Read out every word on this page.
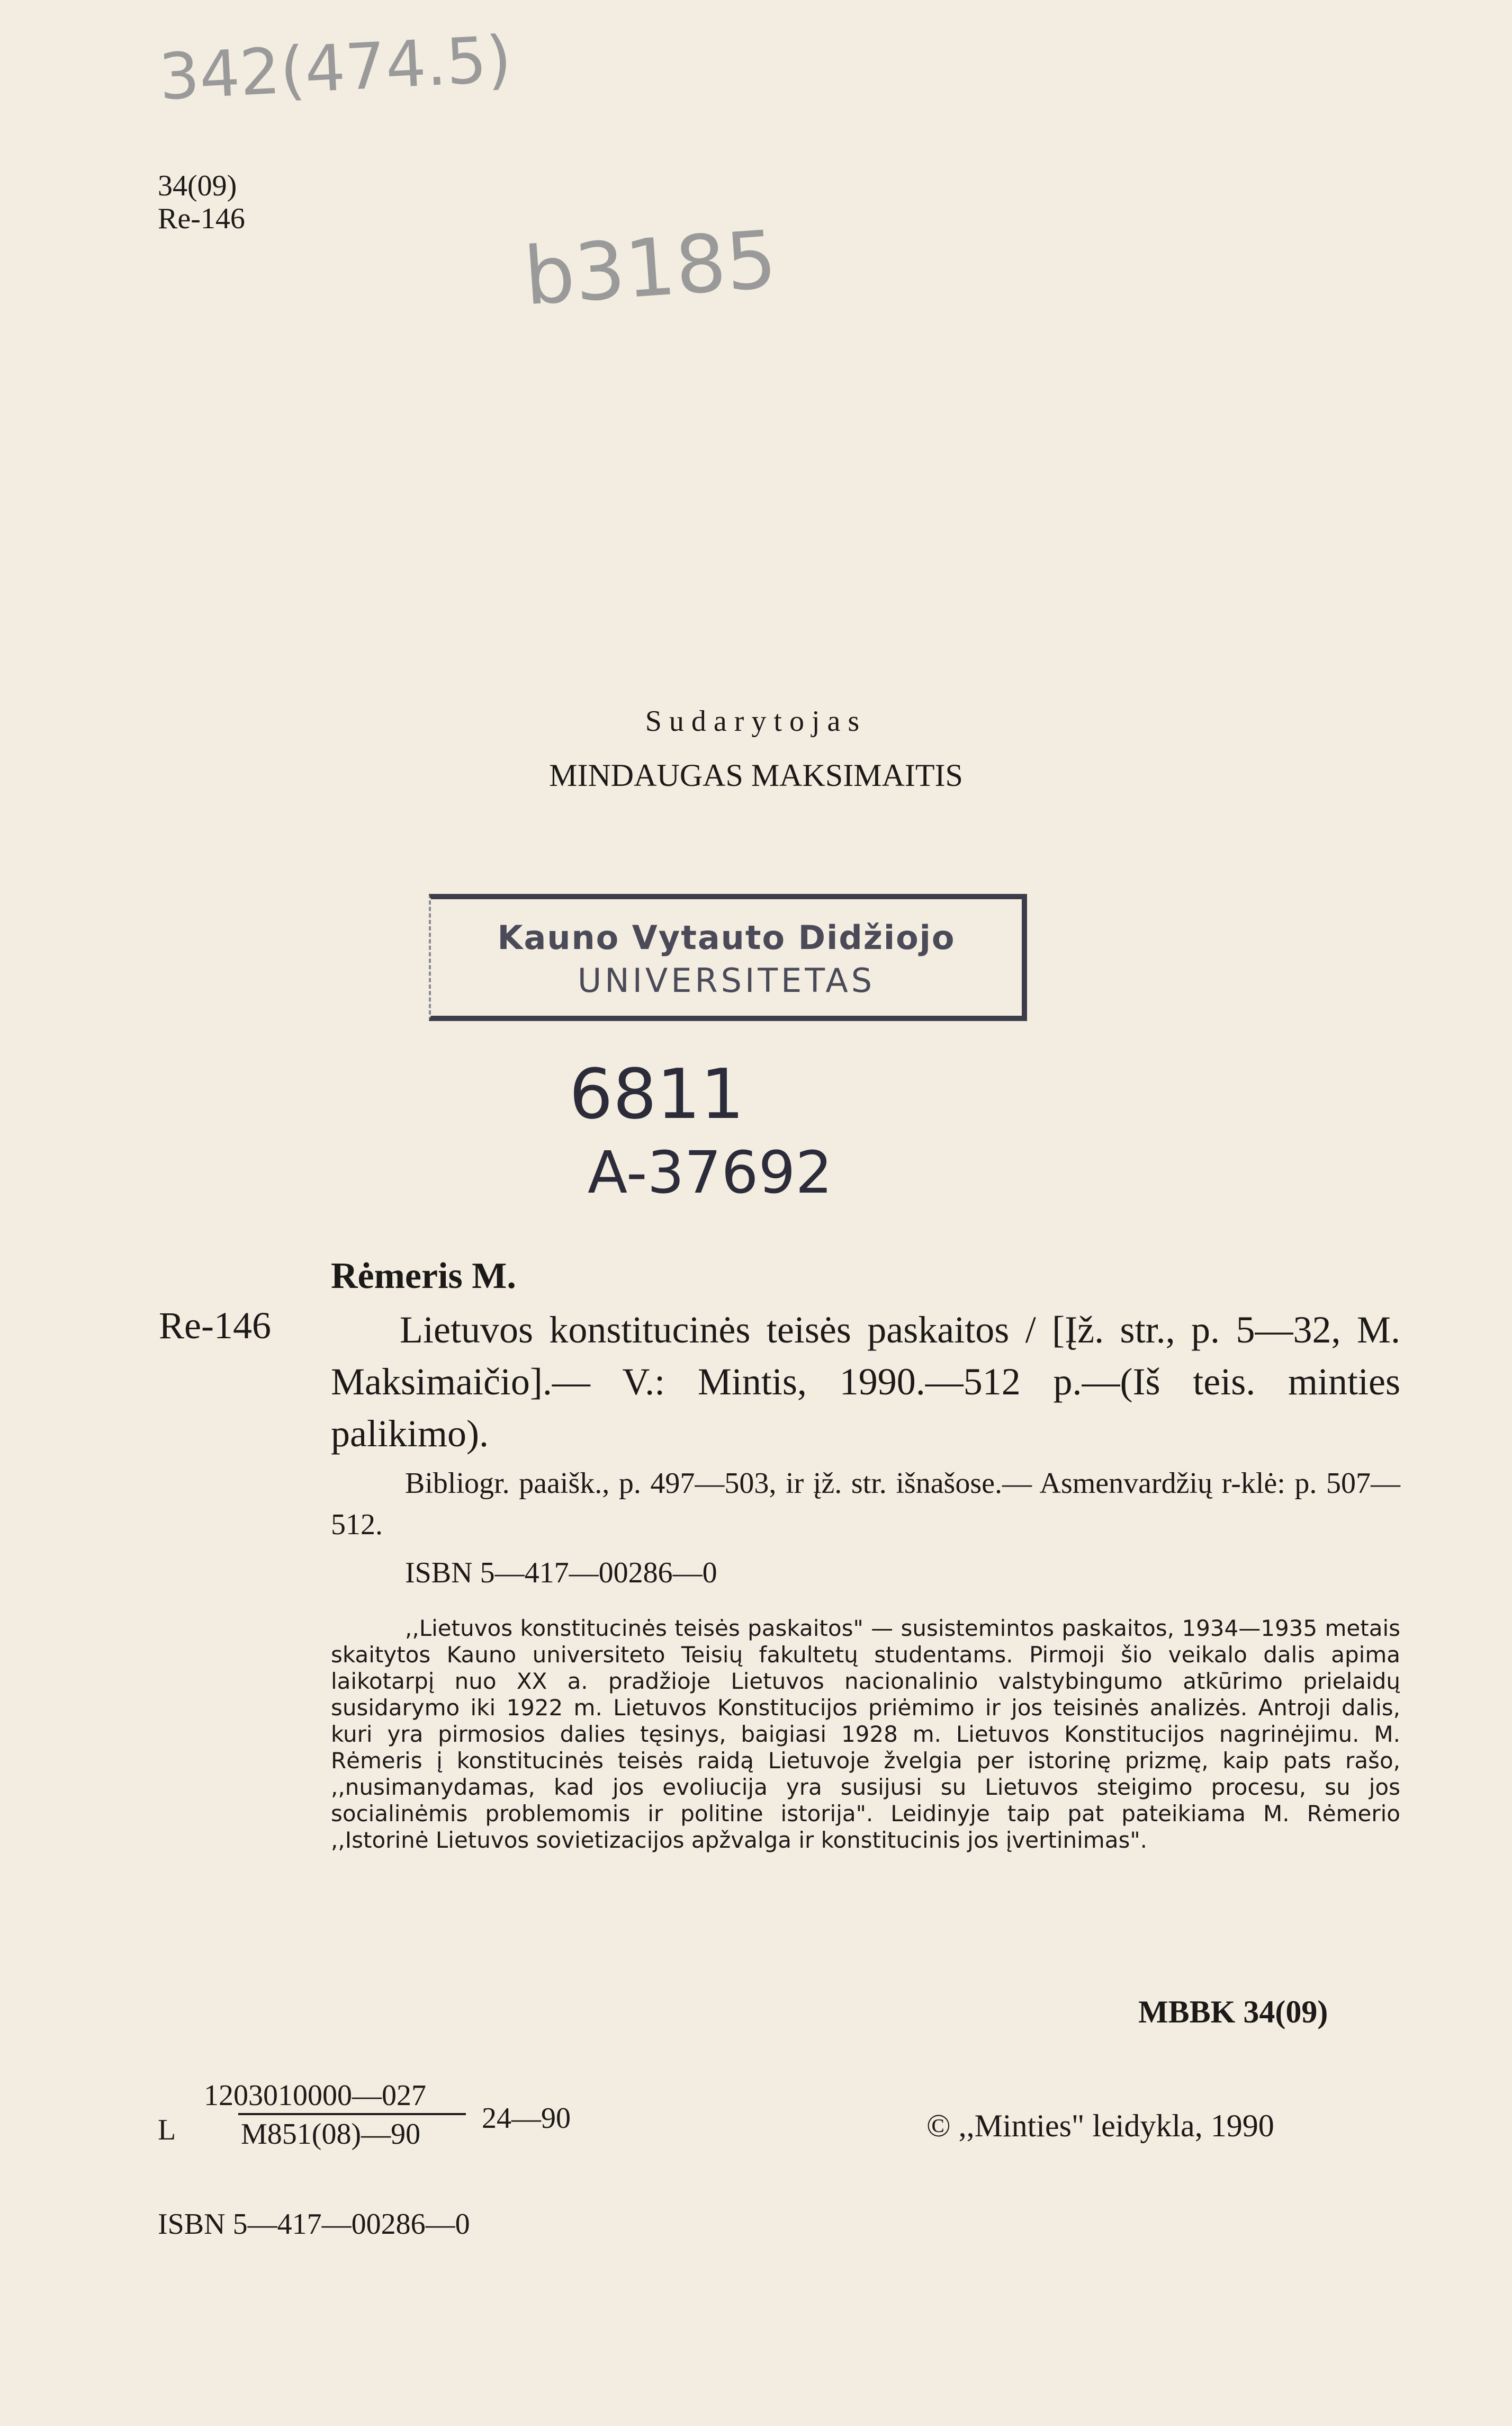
342(474.5)
b3185
34(09)
Re-146
Sudarytojas
MINDAUGAS MAKSIMAITIS
Kauno Vytauto Didžiojo
UNIVERSITETAS
6811
A-37692
Rėmeris M.
Re-146	Lietuvos konstitucinės teisės paskaitos / [Įž. str., p. 5—32, M. Maksimaičio].— V.: Mintis, 1990.—512 p.—(Iš teis. minties palikimo).
Bibliogr. paaišk., p. 497—503, ir įž. str. išnašose.— Asmenvardžių r-klė: p. 507—512.
ISBN 5—417—00286—0
,,Lietuvos konstitucinės teisės paskaitos" — susistemintos paskaitos, 1934—1935 metais skaitytos Kauno universiteto Teisių fakultetų studentams. Pirmoji šio veikalo dalis apima laikotarpį nuo XX a. pradžioje Lietuvos nacionalinio valstybingumo atkūrimo prielaidų susidarymo iki 1922 m. Lietuvos Konstitucijos priėmimo ir jos teisinės analizės. Antroji dalis, kuri yra pirmosios dalies tęsinys, baigiasi 1928 m. Lietuvos Konstitucijos nagrinėjimu. M. Rėmeris į konstitucinės teisės raidą Lietuvoje žvelgia per istorinę prizmę, kaip pats rašo, ,,nusimanydamas, kad jos evoliucija yra susijusi su Lietuvos steigimo procesu, su jos socialinėmis problemomis ir politine istorija". Leidinyje taip pat pateikiama M. Rėmerio ,,Istorinė Lietuvos sovietizacijos apžvalga ir konstitucinis jos įvertinimas".
MBBK 34(09)
L
1203010000—027
M851(08)—90 24—90	© ,,Minties" leidykla, 1990
ISBN 5—417—00286—0
